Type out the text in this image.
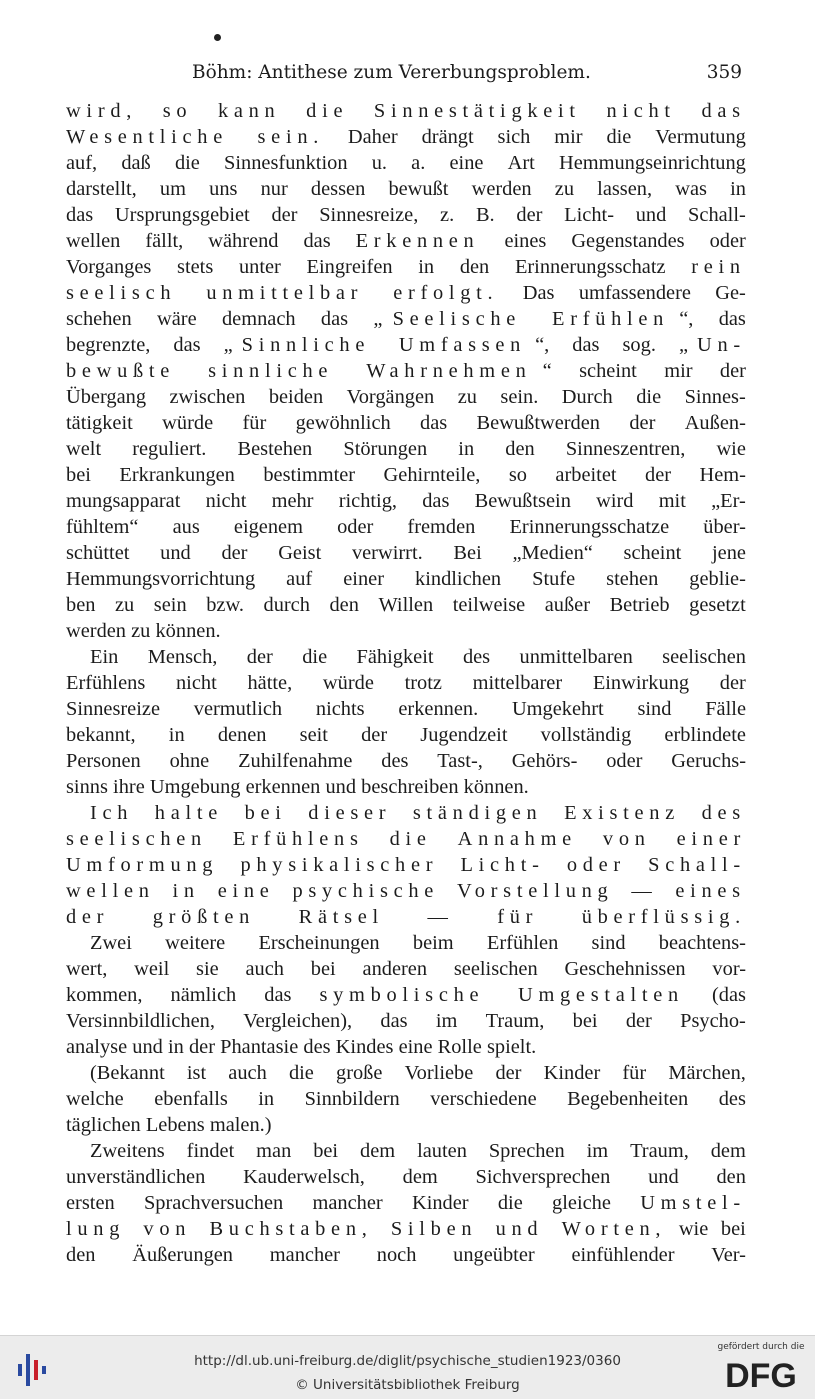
Böhm: Antithese zum Vererbungsproblem.	359
wird,
so
kann
die
Sinnestätigkeit
nicht
das
Wesentliche
sein.
Daher
drängt
sich
mir
die
Vermutung
auf,
daß
die
Sinnesfunktion
u.
a.
eine
Art
Hemmungseinrichtung
darstellt,
um
uns
nur
dessen
bewußt
werden
zu
lassen,
was
in
das
Ursprungsgebiet
der
Sinnesreize,
z.
B.
der
Licht-
und
Schall-
wellen
fällt,
während
das
Erkennen
eines
Gegenstandes
oder
Vorganges
stets
unter
Eingreifen
in
den
Erinnerungsschatz
rein
seelisch
unmittelbar
erfolgt.
Das
umfassendere
Ge-
schehen
wäre
demnach
das
„ Seelische
Erfühlen “,
das
begrenzte,
das
„ Sinnliche
Umfassen “,
das
sog.
„ Un-
bewußte
sinnliche
Wahrnehmen “
scheint
mir
der
Übergang
zwischen
beiden
Vorgängen
zu
sein.
Durch
die
Sinnes-
tätigkeit
würde
für
gewöhnlich
das
Bewußtwerden
der
Außen-
welt
reguliert.
Bestehen
Störungen
in
den
Sinneszentren,
wie
bei
Erkrankungen
bestimmter
Gehirnteile,
so
arbeitet
der
Hem-
mungsapparat
nicht
mehr
richtig,
das
Bewußtsein
wird
mit
„Er-
fühltem“
aus
eigenem
oder
fremden
Erinnerungsschatze
über-
schüttet
und
der
Geist
verwirrt.
Bei
„Medien“
scheint
jene
Hemmungsvorrichtung
auf
einer
kindlichen
Stufe
stehen
geblie-
ben
zu
sein
bzw.
durch
den
Willen
teilweise
außer
Betrieb
gesetzt
werden
zu
können.
Ein
Mensch,
der
die
Fähigkeit
des
unmittelbaren
seelischen
Erfühlens
nicht
hätte,
würde
trotz
mittelbarer
Einwirkung
der
Sinnesreize
vermutlich
nichts
erkennen.
Umgekehrt
sind
Fälle
bekannt,
in
denen
seit
der
Jugendzeit
vollständig
erblindete
Personen
ohne
Zuhilfenahme
des
Tast-,
Gehörs-
oder
Geruchs-
sinns
ihre
Umgebung
erkennen
und
beschreiben
können.
Ich
halte
bei
dieser
ständigen
Existenz
des
seelischen
Erfühlens
die
Annahme
von
einer
Umformung
physikalischer
Licht-
oder
Schall-
wellen
in
eine
psychische
Vorstellung
—
eines
der
größten
Rätsel
—
für
überflüssig.
Zwei
weitere
Erscheinungen
beim
Erfühlen
sind
beachtens-
wert,
weil
sie
auch
bei
anderen
seelischen
Geschehnissen
vor-
kommen,
nämlich
das
symbolische
Umgestalten
(das
Versinnbildlichen,
Vergleichen),
das
im
Traum,
bei
der
Psycho-
analyse
und
in
der
Phantasie
des
Kindes
eine
Rolle
spielt.
(Bekannt
ist
auch
die
große
Vorliebe
der
Kinder
für
Märchen,
welche
ebenfalls
in
Sinnbildern
verschiedene
Begebenheiten
des
täglichen
Lebens
malen.)
Zweitens
findet
man
bei
dem
lauten
Sprechen
im
Traum,
dem
unverständlichen
Kauderwelsch,
dem
Sichversprechen
und
den
ersten
Sprachversuchen
mancher
Kinder
die
gleiche
Umstel-
lung
von
Buchstaben,
Silben
und
Worten,
wie
bei
den
Äußerungen
mancher
noch
ungeübter
einfühlender
Ver-
http://dl.ub.uni-freiburg.de/diglit/psychische_studien1923/0360
© Universitätsbibliothek Freiburg
gefördert durch die
DFG
